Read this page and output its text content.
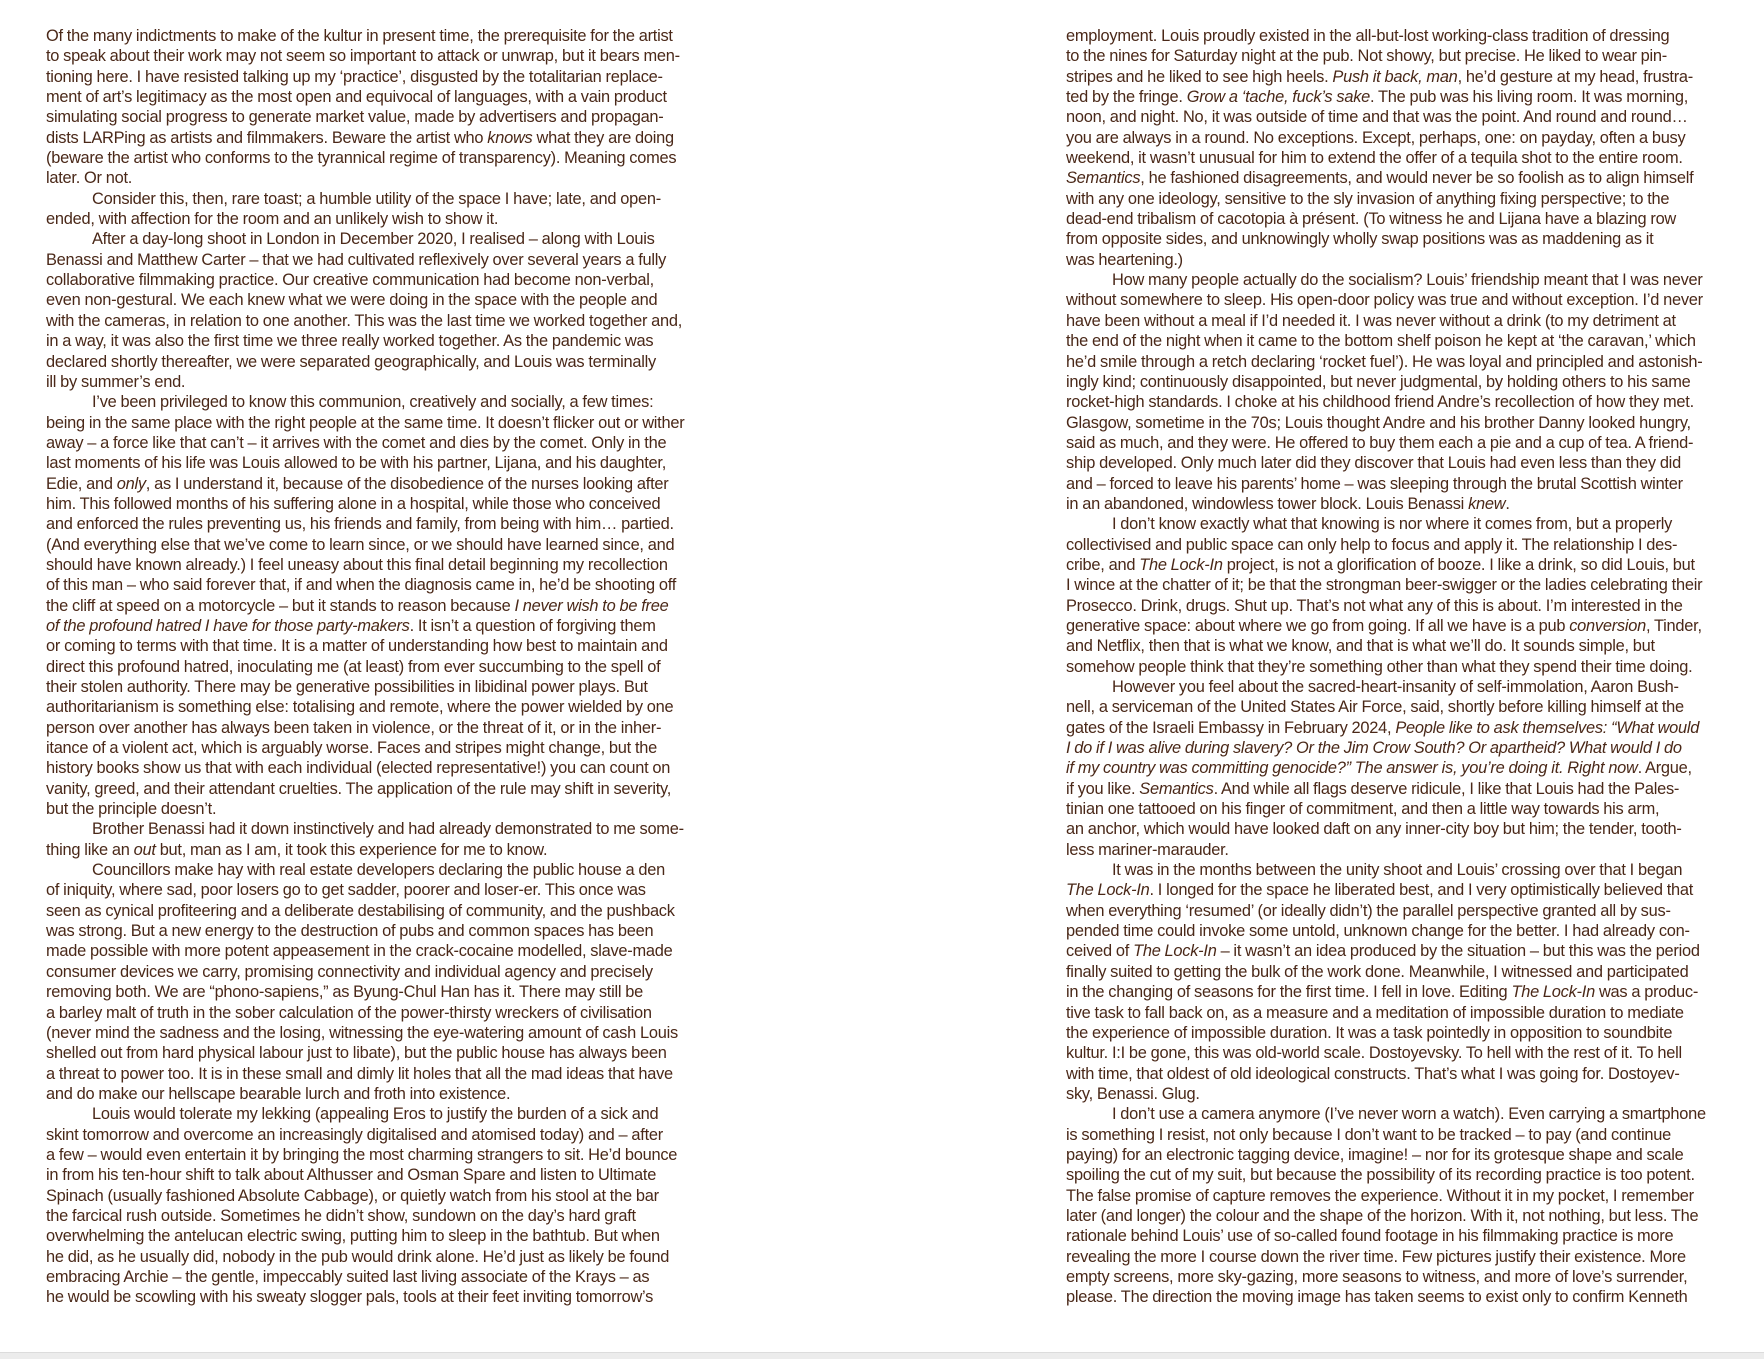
Of the many indictments to make of the kultur in present time, the prerequisite for the artist
to speak about their work may not seem so important to attack or unwrap, but it bears men-
tioning here. I have resisted talking up my ‘practice’, disgusted by the totalitarian replace-
ment of art’s legitimacy as the most open and equivocal of languages, with a vain product
simulating social progress to generate market value, made by advertisers and propagan-
dists LARPing as artists and filmmakers. Beware the artist who knows what they are doing
(beware the artist who conforms to the tyrannical regime of transparency). Meaning comes
later. Or not.

Consider this, then, rare toast; a humble utility of the space I have; late, and open-
ended, with affection for the room and an unlikely wish to show it.

After a day-long shoot in London in December 2020, I realised – along with Louis
Benassi and Matthew Carter – that we had cultivated reflexively over several years a fully
collaborative filmmaking practice. Our creative communication had become non-verbal,
even non-gestural. We each knew what we were doing in the space with the people and
with the cameras, in relation to one another. This was the last time we worked together and,
in a way, it was also the first time we three really worked together. As the pandemic was
declared shortly thereafter, we were separated geographically, and Louis was terminally
ill by summer’s end.

I’ve been privileged to know this communion, creatively and socially, a few times:
being in the same place with the right people at the same time. It doesn’t flicker out or wither
away – a force like that can’t – it arrives with the comet and dies by the comet. Only in the
last moments of his life was Louis allowed to be with his partner, Lijana, and his daughter,
Edie, and only, as I understand it, because of the disobedience of the nurses looking after
him. This followed months of his suffering alone in a hospital, while those who conceived
and enforced the rules preventing us, his friends and family, from being with him… partied.
(And everything else that we’ve come to learn since, or we should have learned since, and
should have known already.) I feel uneasy about this final detail beginning my recollection
of this man – who said forever that, if and when the diagnosis came in, he’d be shooting off
the cliff at speed on a motorcycle – but it stands to reason because I never wish to be free
of the profound hatred I have for those party-makers. It isn’t a question of forgiving them
or coming to terms with that time. It is a matter of understanding how best to maintain and
direct this profound hatred, inoculating me (at least) from ever succumbing to the spell of
their stolen authority. There may be generative possibilities in libidinal power plays. But
authoritarianism is something else: totalising and remote, where the power wielded by one
person over another has always been taken in violence, or the threat of it, or in the inher-
itance of a violent act, which is arguably worse. Faces and stripes might change, but the
history books show us that with each individual (elected representative!) you can count on
vanity, greed, and their attendant cruelties. The application of the rule may shift in severity,
but the principle doesn’t.

Brother Benassi had it down instinctively and had already demonstrated to me some-
thing like an out but, man as I am, it took this experience for me to know.

Councillors make hay with real estate developers declaring the public house a den
of iniquity, where sad, poor losers go to get sadder, poorer and loser-er. This once was
seen as cynical profiteering and a deliberate destabilising of community, and the pushback
was strong. But a new energy to the destruction of pubs and common spaces has been
made possible with more potent appeasement in the crack-cocaine modelled, slave-made
consumer devices we carry, promising connectivity and individual agency and precisely
removing both. We are “phono-sapiens,” as Byung-Chul Han has it. There may still be
a barley malt of truth in the sober calculation of the power-thirsty wreckers of civilisation
(never mind the sadness and the losing, witnessing the eye-watering amount of cash Louis
shelled out from hard physical labour just to libate), but the public house has always been
a threat to power too. It is in these small and dimly lit holes that all the mad ideas that have
and do make our hellscape bearable lurch and froth into existence.

Louis would tolerate my lekking (appealing Eros to justify the burden of a sick and
skint tomorrow and overcome an increasingly digitalised and atomised today) and – after
a few – would even entertain it by bringing the most charming strangers to sit. He’d bounce
in from his ten-hour shift to talk about Althusser and Osman Spare and listen to Ultimate
Spinach (usually fashioned Absolute Cabbage), or quietly watch from his stool at the bar
the farcical rush outside. Sometimes he didn’t show, sundown on the day’s hard graft
overwhelming the antelucan electric swing, putting him to sleep in the bathtub. But when
he did, as he usually did, nobody in the pub would drink alone. He’d just as likely be found
embracing Archie – the gentle, impeccably suited last living associate of the Krays – as
he would be scowling with his sweaty slogger pals, tools at their feet inviting tomorrow’s

employment. Louis proudly existed in the all-but-lost working-class tradition of dressing
to the nines for Saturday night at the pub. Not showy, but precise. He liked to wear pin-
stripes and he liked to see high heels. Push it back, man, he’d gesture at my head, frustra-
ted by the fringe. Grow a ‘tache, fuck’s sake. The pub was his living room. It was morning,
noon, and night. No, it was outside of time and that was the point. And round and round…
you are always in a round. No exceptions. Except, perhaps, one: on payday, often a busy
weekend, it wasn’t unusual for him to extend the offer of a tequila shot to the entire room.
Semantics, he fashioned disagreements, and would never be so foolish as to align himself
with any one ideology, sensitive to the sly invasion of anything fixing perspective; to the
dead-end tribalism of cacotopia à présent. (To witness he and Lijana have a blazing row
from opposite sides, and unknowingly wholly swap positions was as maddening as it
was heartening.)

How many people actually do the socialism? Louis’ friendship meant that I was never
without somewhere to sleep. His open-door policy was true and without exception. I’d never
have been without a meal if I’d needed it. I was never without a drink (to my detriment at
the end of the night when it came to the bottom shelf poison he kept at ‘the caravan,’ which
he’d smile through a retch declaring ‘rocket fuel’). He was loyal and principled and astonish-
ingly kind; continuously disappointed, but never judgmental, by holding others to his same
rocket-high standards. I choke at his childhood friend Andre’s recollection of how they met.
Glasgow, sometime in the 70s; Louis thought Andre and his brother Danny looked hungry,
said as much, and they were. He offered to buy them each a pie and a cup of tea. A friend-
ship developed. Only much later did they discover that Louis had even less than they did
and – forced to leave his parents’ home – was sleeping through the brutal Scottish winter
in an abandoned, windowless tower block. Louis Benassi knew.

I don’t know exactly what that knowing is nor where it comes from, but a properly
collectivised and public space can only help to focus and apply it. The relationship I des-
cribe, and The Lock-In project, is not a glorification of booze. I like a drink, so did Louis, but
I wince at the chatter of it; be that the strongman beer-swigger or the ladies celebrating their
Prosecco. Drink, drugs. Shut up. That’s not what any of this is about. I’m interested in the
generative space: about where we go from going. If all we have is a pub conversion, Tinder,
and Netflix, then that is what we know, and that is what we’ll do. It sounds simple, but
somehow people think that they’re something other than what they spend their time doing.

However you feel about the sacred-heart-insanity of self-immolation, Aaron Bush-
nell, a serviceman of the United States Air Force, said, shortly before killing himself at the
gates of the Israeli Embassy in February 2024, People like to ask themselves: “What would
I do if I was alive during slavery? Or the Jim Crow South? Or apartheid? What would I do
if my country was committing genocide?” The answer is, you’re doing it. Right now. Argue,
if you like. Semantics. And while all flags deserve ridicule, I like that Louis had the Pales-
tinian one tattooed on his finger of commitment, and then a little way towards his arm,
an anchor, which would have looked daft on any inner-city boy but him; the tender, tooth-
less mariner-marauder.

It was in the months between the unity shoot and Louis’ crossing over that I began
The Lock-In. I longed for the space he liberated best, and I very optimistically believed that
when everything ‘resumed’ (or ideally didn’t) the parallel perspective granted all by sus-
pended time could invoke some untold, unknown change for the better. I had already con-
ceived of The Lock-In – it wasn’t an idea produced by the situation – but this was the period
finally suited to getting the bulk of the work done. Meanwhile, I witnessed and participated
in the changing of seasons for the first time. I fell in love. Editing The Lock-In was a produc-
tive task to fall back on, as a measure and a meditation of impossible duration to mediate
the experience of impossible duration. It was a task pointedly in opposition to soundbite
kultur. I:I be gone, this was old-world scale. Dostoyevsky. To hell with the rest of it. To hell
with time, that oldest of old ideological constructs. That’s what I was going for. Dostoyev-
sky, Benassi. Glug.

I don’t use a camera anymore (I’ve never worn a watch). Even carrying a smartphone
is something I resist, not only because I don’t want to be tracked – to pay (and continue
paying) for an electronic tagging device, imagine! – nor for its grotesque shape and scale
spoiling the cut of my suit, but because the possibility of its recording practice is too potent.
The false promise of capture removes the experience. Without it in my pocket, I remember
later (and longer) the colour and the shape of the horizon. With it, not nothing, but less. The
rationale behind Louis’ use of so-called found footage in his filmmaking practice is more
revealing the more I course down the river time. Few pictures justify their existence. More
empty screens, more sky-gazing, more seasons to witness, and more of love’s surrender,
please. The direction the moving image has taken seems to exist only to confirm Kenneth
